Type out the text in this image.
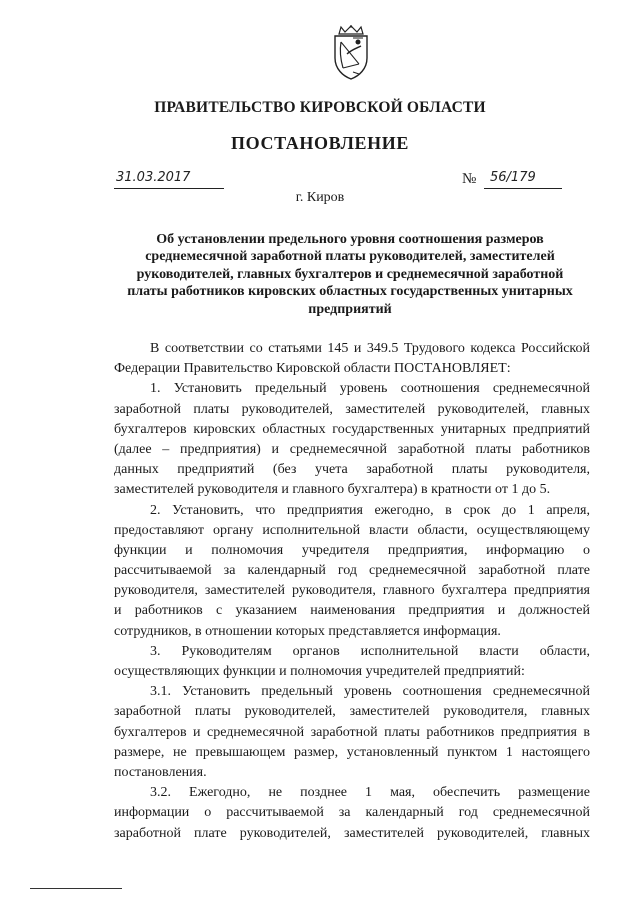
ПРАВИТЕЛЬСТВО КИРОВСКОЙ ОБЛАСТИ
ПОСТАНОВЛЕНИЕ
31.03.2017	№	56/179
г. Киров
Об установлении предельного уровня соотношения размеров
среднемесячной заработной платы руководителей, заместителей
руководителей, главных бухгалтеров и среднемесячной заработной
платы работников кировских областных государственных унитарных
предприятий
В соответствии со статьями 145 и 349.5 Трудового кодекса Российской
Федерации Правительство Кировской области ПОСТАНОВЛЯЕТ:
1. Установить предельный уровень соотношения среднемесячной
заработной платы руководителей, заместителей руководителей, главных
бухгалтеров кировских областных государственных унитарных предприятий
(далее – предприятия) и среднемесячной заработной платы работников
данных предприятий (без учета заработной платы руководителя,
заместителей руководителя и главного бухгалтера) в кратности от 1 до 5.
2. Установить, что предприятия ежегодно, в срок до 1 апреля,
предоставляют органу исполнительной власти области, осуществляющему
функции и полномочия учредителя предприятия, информацию о
рассчитываемой за календарный год среднемесячной заработной плате
руководителя, заместителей руководителя, главного бухгалтера предприятия
и работников с указанием наименования предприятия и должностей
сотрудников, в отношении которых представляется информация.
3. Руководителям органов исполнительной власти области,
осуществляющих функции и полномочия учредителей предприятий:
3.1. Установить предельный уровень соотношения среднемесячной
заработной платы руководителей, заместителей руководителя, главных
бухгалтеров и среднемесячной заработной платы работников предприятия в
размере, не превышающем размер, установленный пунктом 1 настоящего
постановления.
3.2. Ежегодно, не позднее 1 мая, обеспечить размещение
информации о рассчитываемой за календарный год среднемесячной
заработной плате руководителей, заместителей руководителей, главных
